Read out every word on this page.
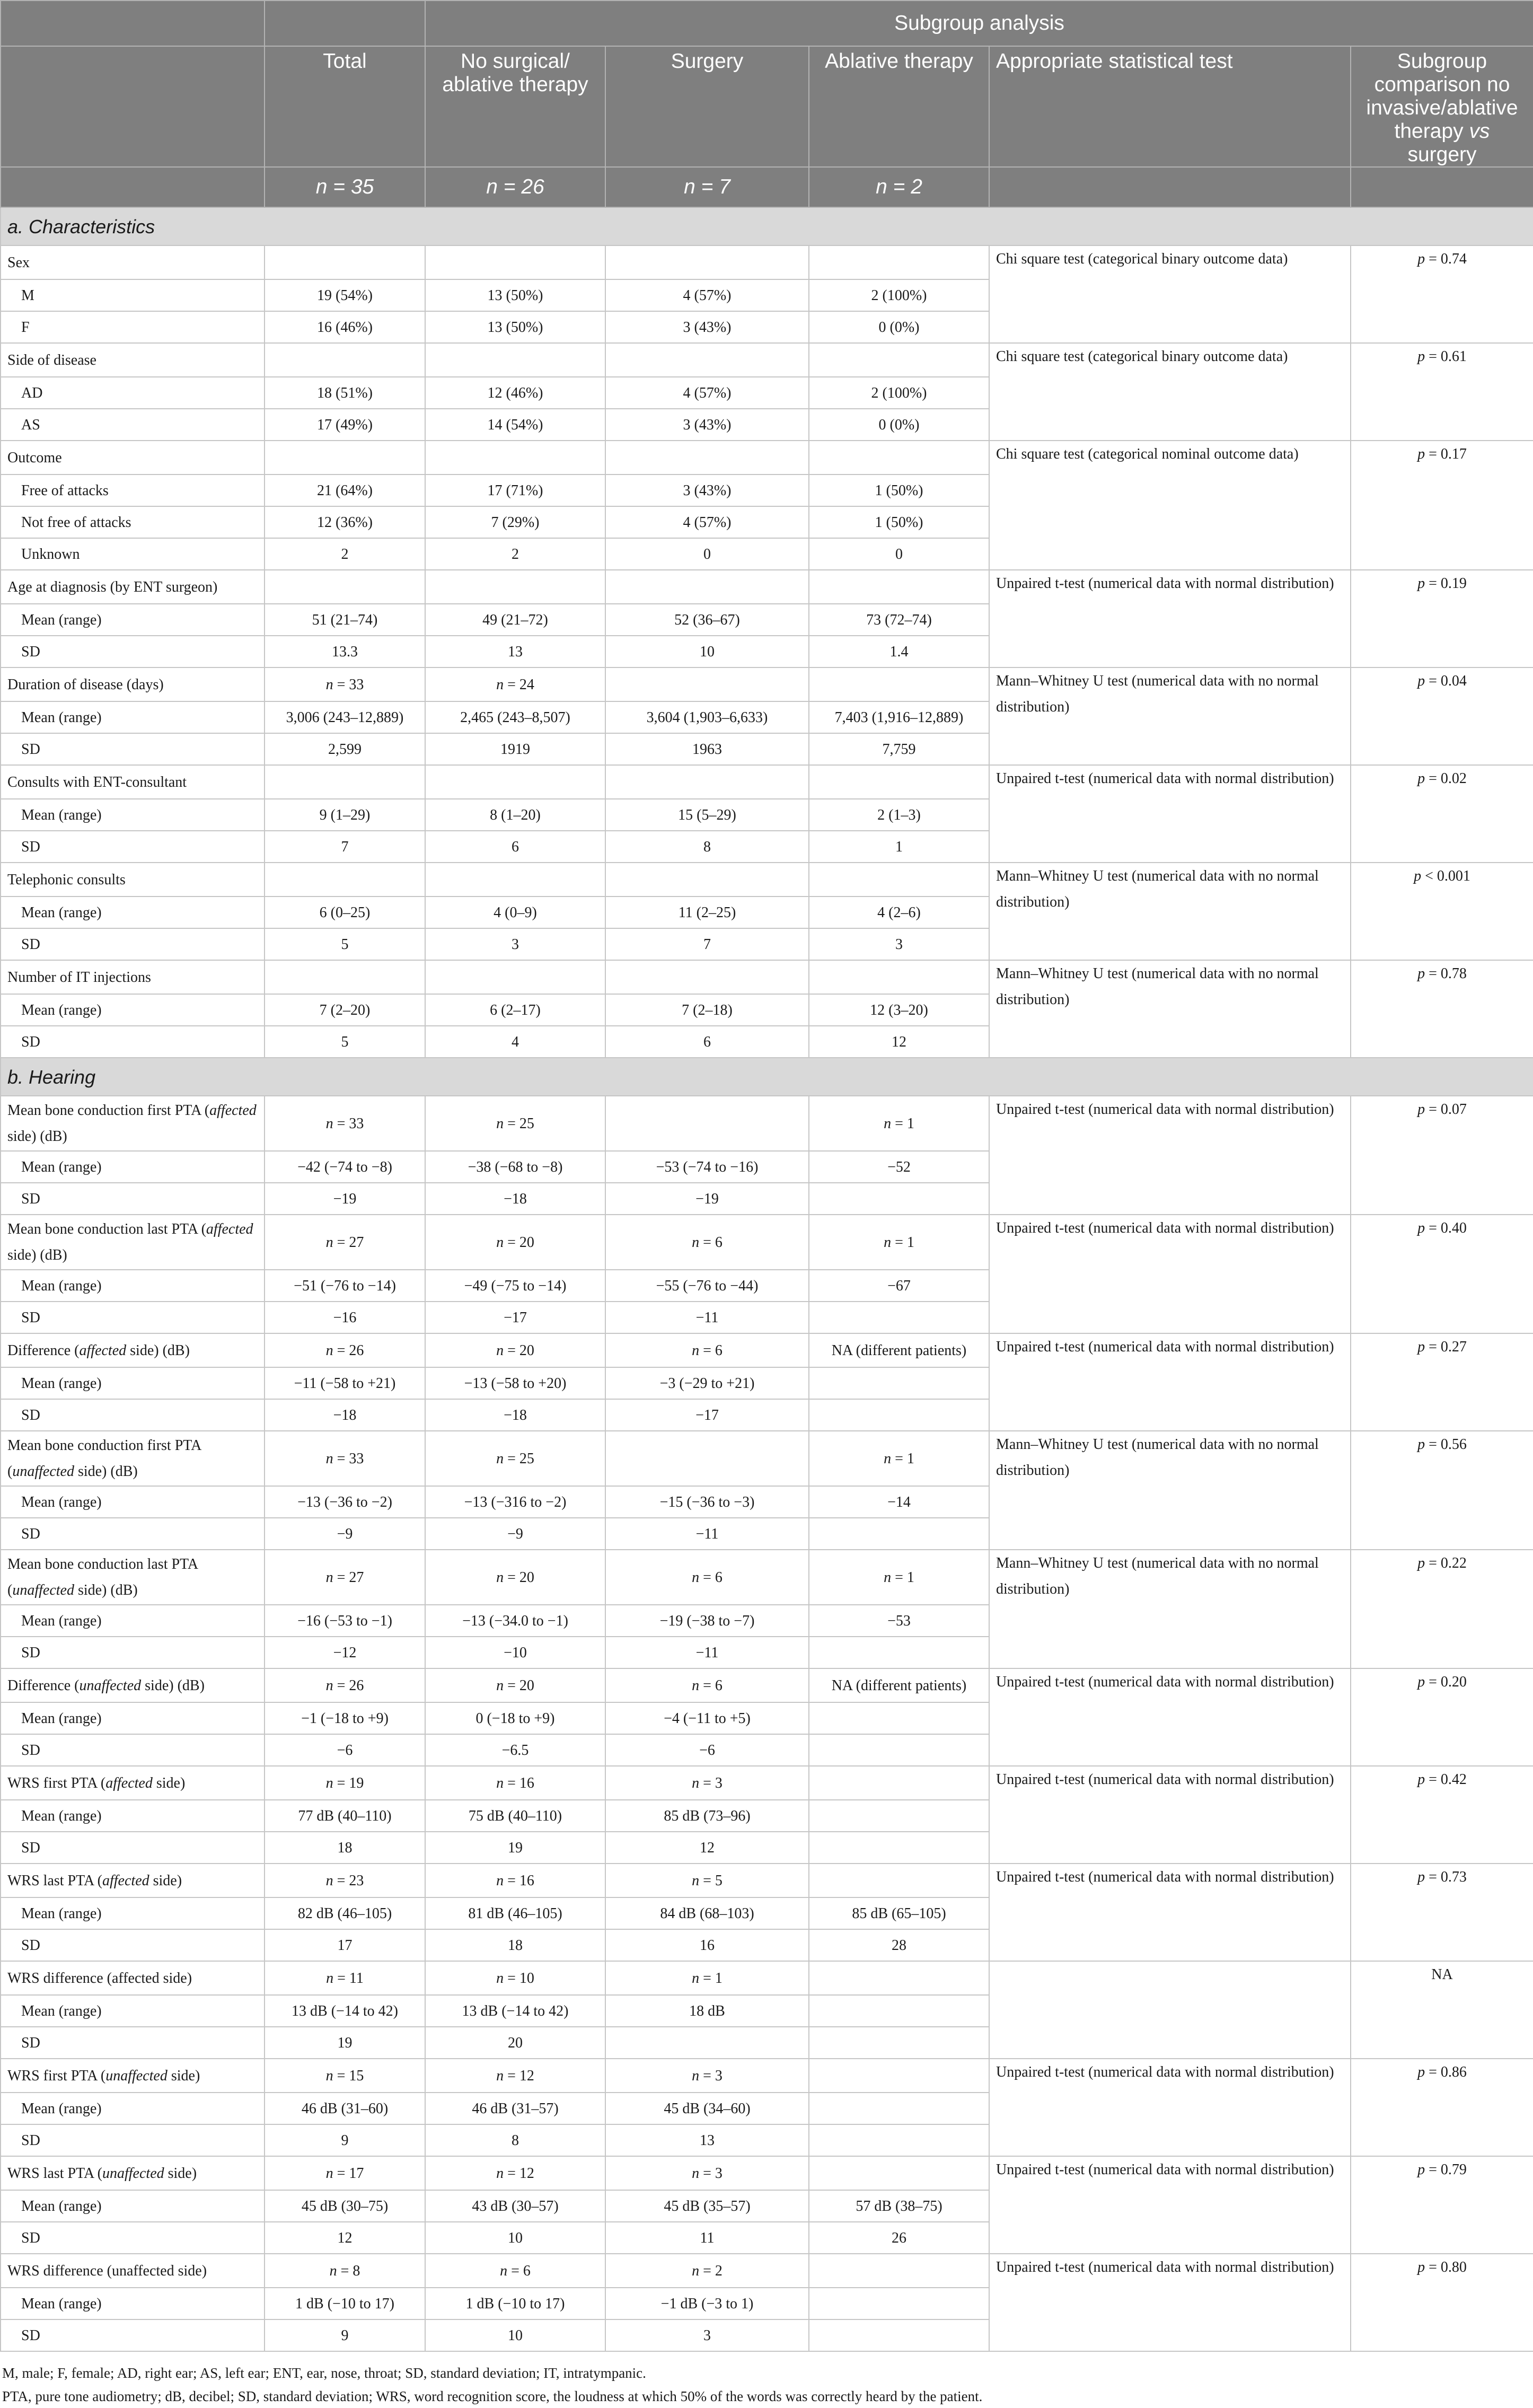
		Subgroup analysis				
	Total	No surgical/ ablative therapy	Surgery	Ablative therapy	Appropriate statistical test	Subgroup comparison no invasive/ablative therapy vs surgery
	n = 35	n = 26	n = 7	n = 2		
a. Characteristics						
Sex					Chi square test (categorical binary outcome data)	p = 0.74
M	19 (54%)	13 (50%)	4 (57%)	2 (100%)		
F	16 (46%)	13 (50%)	3 (43%)	0 (0%)		
Side of disease					Chi square test (categorical binary outcome data)	p = 0.61
AD	18 (51%)	12 (46%)	4 (57%)	2 (100%)		
AS	17 (49%)	14 (54%)	3 (43%)	0 (0%)		
Outcome					Chi square test (categorical nominal outcome data)	p = 0.17
Free of attacks	21 (64%)	17 (71%)	3 (43%)	1 (50%)		
Not free of attacks	12 (36%)	7 (29%)	4 (57%)	1 (50%)		
Unknown	2	2	0	0		
Age at diagnosis (by ENT surgeon)					Unpaired t-test (numerical data with normal distribution)	p = 0.19
Mean (range)	51 (21–74)	49 (21–72)	52 (36–67)	73 (72–74)		
SD	13.3	13	10	1.4		
Duration of disease (days)	n = 33	n = 24			Mann–Whitney U test (numerical data with no normal distribution)	p = 0.04
Mean (range)	3,006 (243–12,889)	2,465 (243–8,507)	3,604 (1,903–6,633)	7,403 (1,916–12,889)		
SD	2,599	1919	1963	7,759		
Consults with ENT-consultant					Unpaired t-test (numerical data with normal distribution)	p = 0.02
Mean (range)	9 (1–29)	8 (1–20)	15 (5–29)	2 (1–3)		
SD	7	6	8	1		
Telephonic consults					Mann–Whitney U test (numerical data with no normal distribution)	p < 0.001
Mean (range)	6 (0–25)	4 (0–9)	11 (2–25)	4 (2–6)		
SD	5	3	7	3		
Number of IT injections					Mann–Whitney U test (numerical data with no normal distribution)	p = 0.78
Mean (range)	7 (2–20)	6 (2–17)	7 (2–18)	12 (3–20)		
SD	5	4	6	12		
b. Hearing						
Mean bone conduction first PTA (affected side) (dB)	n = 33	n = 25		n = 1	Unpaired t-test (numerical data with normal distribution)	p = 0.07
Mean (range)	−42 (−74 to −8)	−38 (−68 to −8)	−53 (−74 to −16)	−52		
SD	−19	−18	−19			
Mean bone conduction last PTA (affected side) (dB)	n = 27	n = 20	n = 6	n = 1	Unpaired t-test (numerical data with normal distribution)	p = 0.40
Mean (range)	−51 (−76 to −14)	−49 (−75 to −14)	−55 (−76 to −44)	−67		
SD	−16	−17	−11			
Difference (affected side) (dB)	n = 26	n = 20	n = 6	NA (different patients)	Unpaired t-test (numerical data with normal distribution)	p = 0.27
Mean (range)	−11 (−58 to +21)	−13 (−58 to +20)	−3 (−29 to +21)			
SD	−18	−18	−17			
Mean bone conduction first PTA (unaffected side) (dB)	n = 33	n = 25		n = 1	Mann–Whitney U test (numerical data with no normal distribution)	p = 0.56
Mean (range)	−13 (−36 to −2)	−13 (−316 to −2)	−15 (−36 to −3)	−14		
SD	−9	−9	−11			
Mean bone conduction last PTA (unaffected side) (dB)	n = 27	n = 20	n = 6	n = 1	Mann–Whitney U test (numerical data with no normal distribution)	p = 0.22
Mean (range)	−16 (−53 to −1)	−13 (−34.0 to −1)	−19 (−38 to −7)	−53		
SD	−12	−10	−11			
Difference (unaffected side) (dB)	n = 26	n = 20	n = 6	NA (different patients)	Unpaired t-test (numerical data with normal distribution)	p = 0.20
Mean (range)	−1 (−18 to +9)	0 (−18 to +9)	−4 (−11 to +5)			
SD	−6	−6.5	−6			
WRS first PTA (affected side)	n = 19	n = 16	n = 3		Unpaired t-test (numerical data with normal distribution)	p = 0.42
Mean (range)	77 dB (40–110)	75 dB (40–110)	85 dB (73–96)			
SD	18	19	12			
WRS last PTA (affected side)	n = 23	n = 16	n = 5		Unpaired t-test (numerical data with normal distribution)	p = 0.73
Mean (range)	82 dB (46–105)	81 dB (46–105)	84 dB (68–103)	85 dB (65–105)		
SD	17	18	16	28		
WRS difference (affected side)	n = 11	n = 10	n = 1			NA
Mean (range)	13 dB (−14 to 42)	13 dB (−14 to 42)	18 dB			
SD	19	20				
WRS first PTA (unaffected side)	n = 15	n = 12	n = 3		Unpaired t-test (numerical data with normal distribution)	p = 0.86
Mean (range)	46 dB (31–60)	46 dB (31–57)	45 dB (34–60)			
SD	9	8	13			
WRS last PTA (unaffected side)	n = 17	n = 12	n = 3		Unpaired t-test (numerical data with normal distribution)	p = 0.79
Mean (range)	45 dB (30–75)	43 dB (30–57)	45 dB (35–57)	57 dB (38–75)		
SD	12	10	11	26		
WRS difference (unaffected side)	n = 8	n = 6	n = 2		Unpaired t-test (numerical data with normal distribution)	p = 0.80
Mean (range)	1 dB (−10 to 17)	1 dB (−10 to 17)	−1 dB (−3 to 1)			
SD	9	10	3			
M, male; F, female; AD, right ear; AS, left ear; ENT, ear, nose, throat; SD, standard deviation; IT, intratympanic.
PTA, pure tone audiometry; dB, decibel; SD, standard deviation; WRS, word recognition score, the loudness at which 50% of the words was correctly heard by the patient.
